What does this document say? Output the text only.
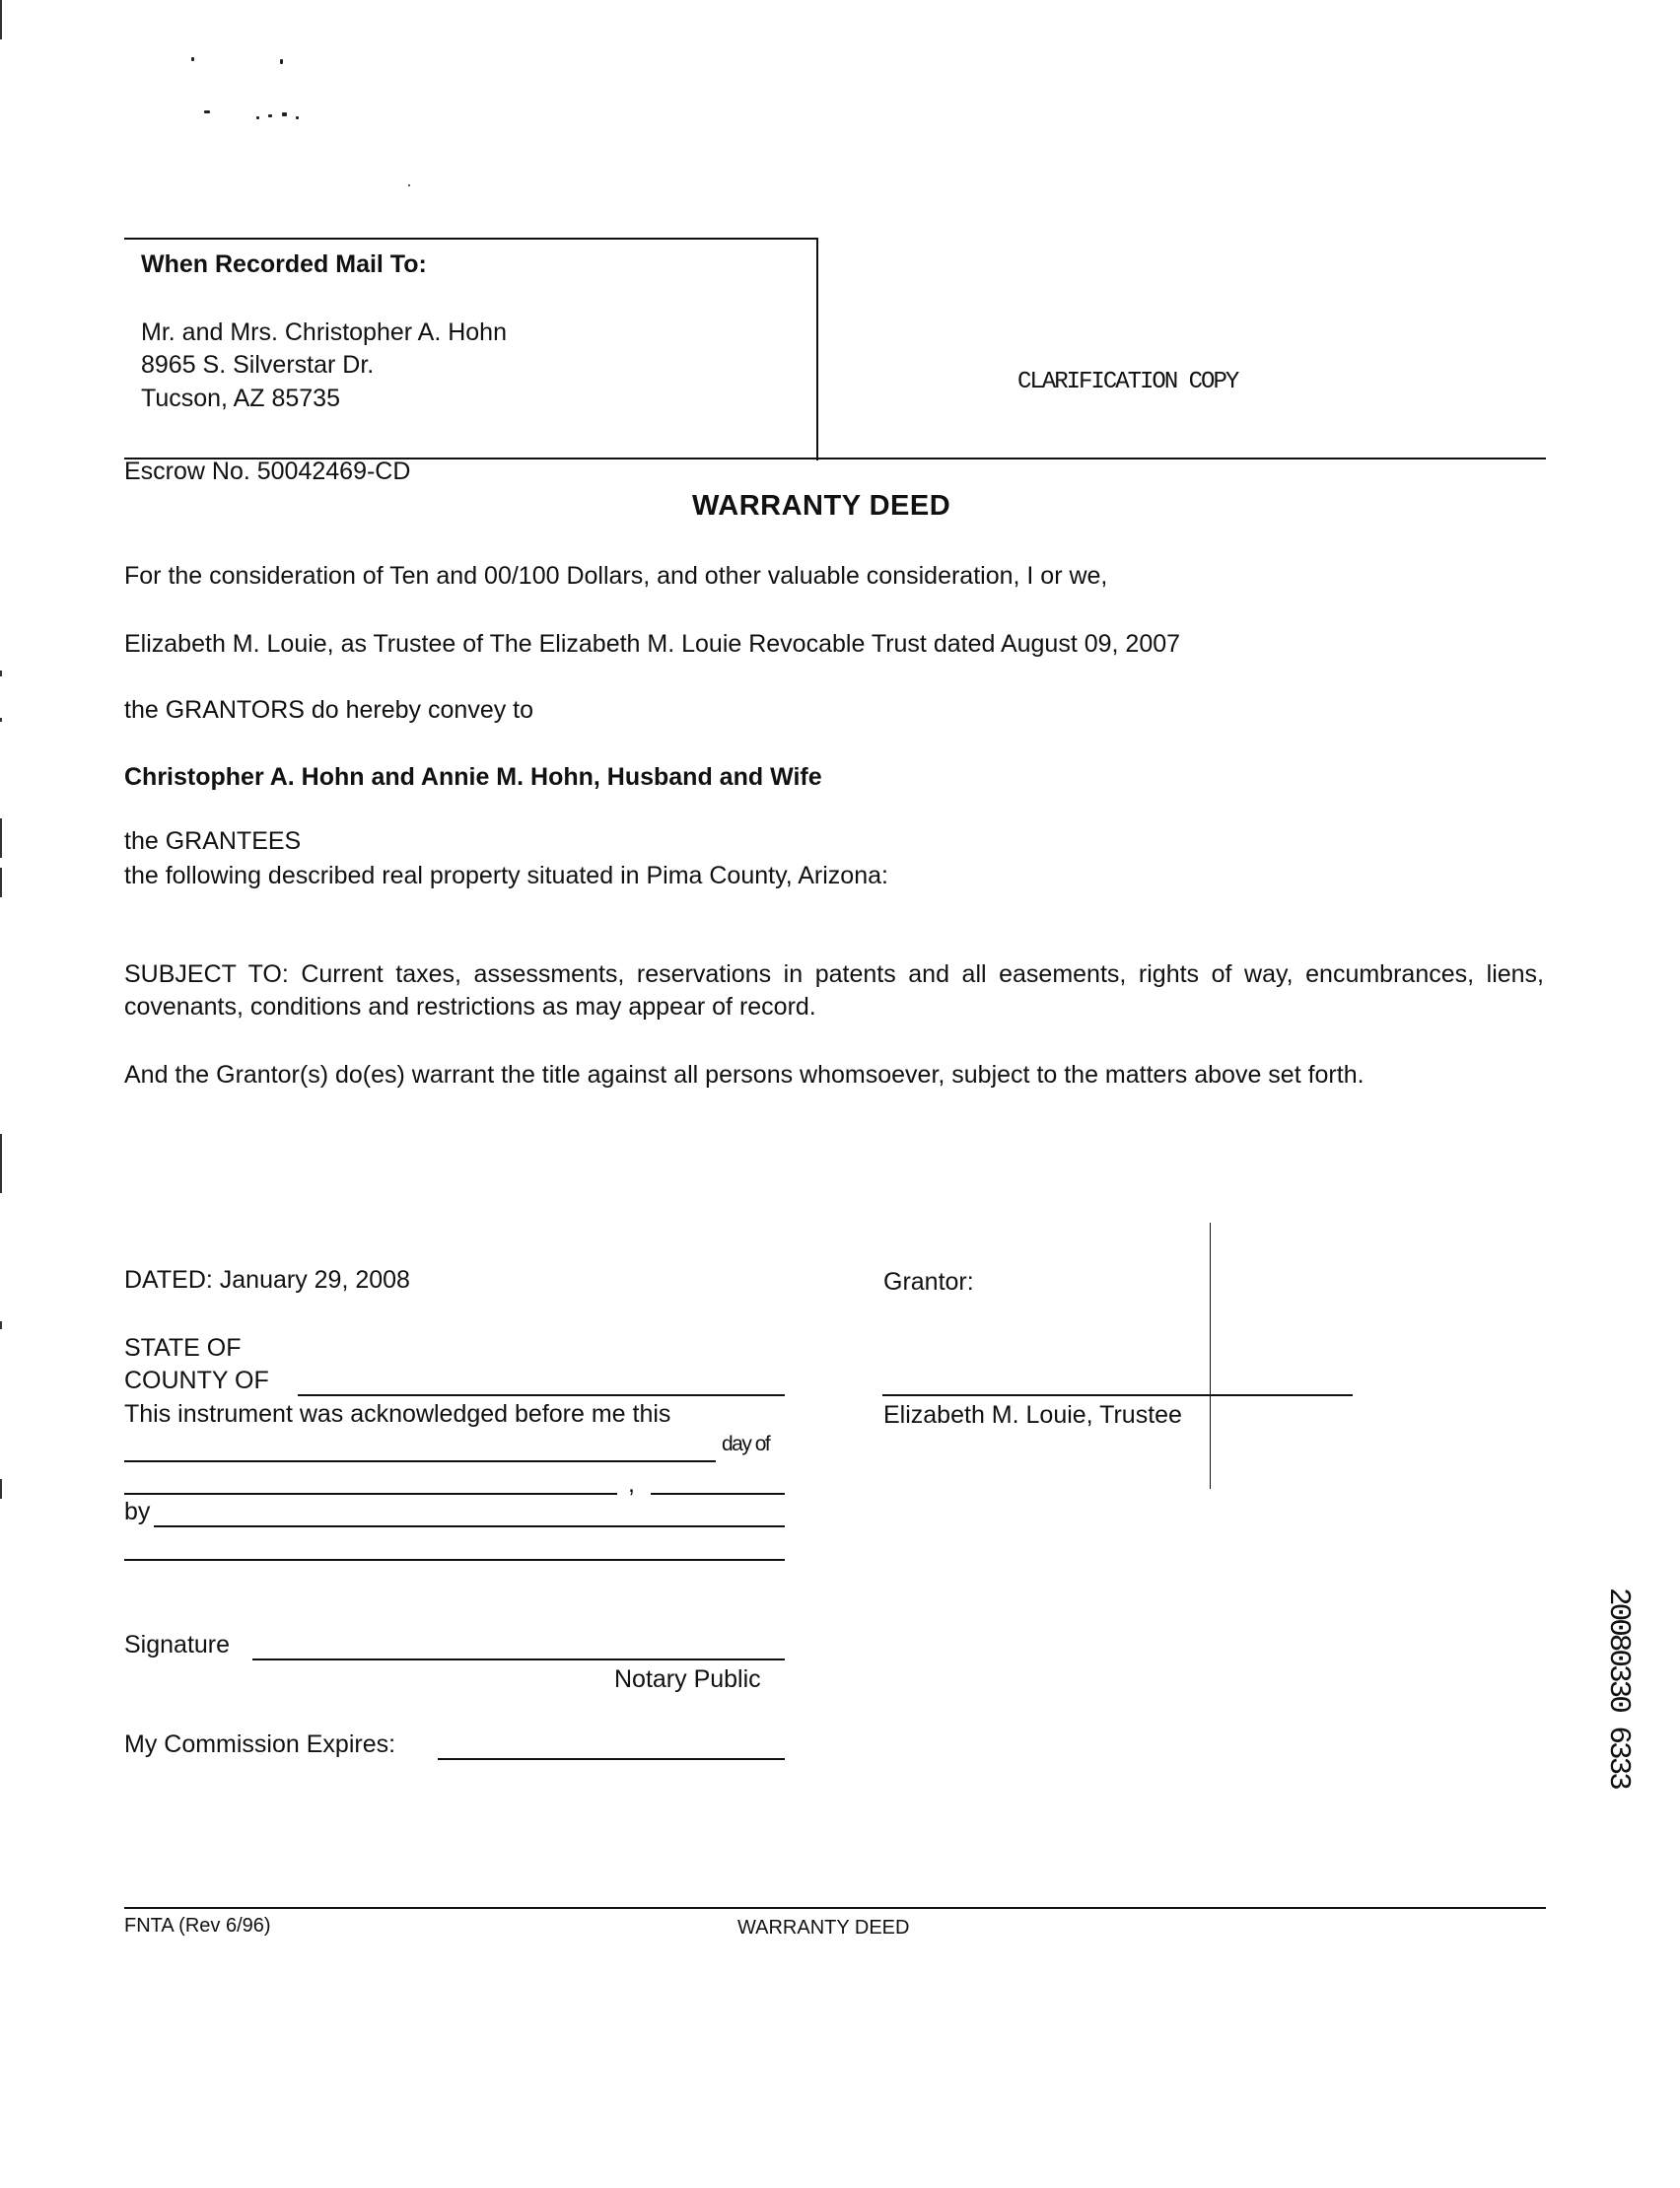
When Recorded Mail To:
Mr. and Mrs. Christopher A. Hohn
8965 S. Silverstar Dr.
Tucson, AZ 85735
CLARIFICATION COPY
Escrow No. 50042469-CD
WARRANTY DEED
For the consideration of Ten and 00/100 Dollars, and other valuable consideration, I or we,
Elizabeth M. Louie, as Trustee of The Elizabeth M. Louie Revocable Trust dated August 09, 2007
the GRANTORS do hereby convey to
Christopher A. Hohn and Annie M. Hohn, Husband and Wife
the GRANTEES
the following described real property situated in Pima County, Arizona:
SUBJECT TO: Current taxes, assessments, reservations in patents and all easements, rights of way, encumbrances, liens, covenants, conditions and restrictions as may appear of record.
And the Grantor(s) do(es) warrant the title against all persons whomsoever, subject to the matters above set forth.
DATED: January 29, 2008
STATE OF
COUNTY OF
This instrument was acknowledged before me this
day of
,
by
Signature
Notary Public
My Commission Expires:
Grantor:
Elizabeth M. Louie, Trustee
20080330 6333
FNTA (Rev 6/96)	WARRANTY DEED
